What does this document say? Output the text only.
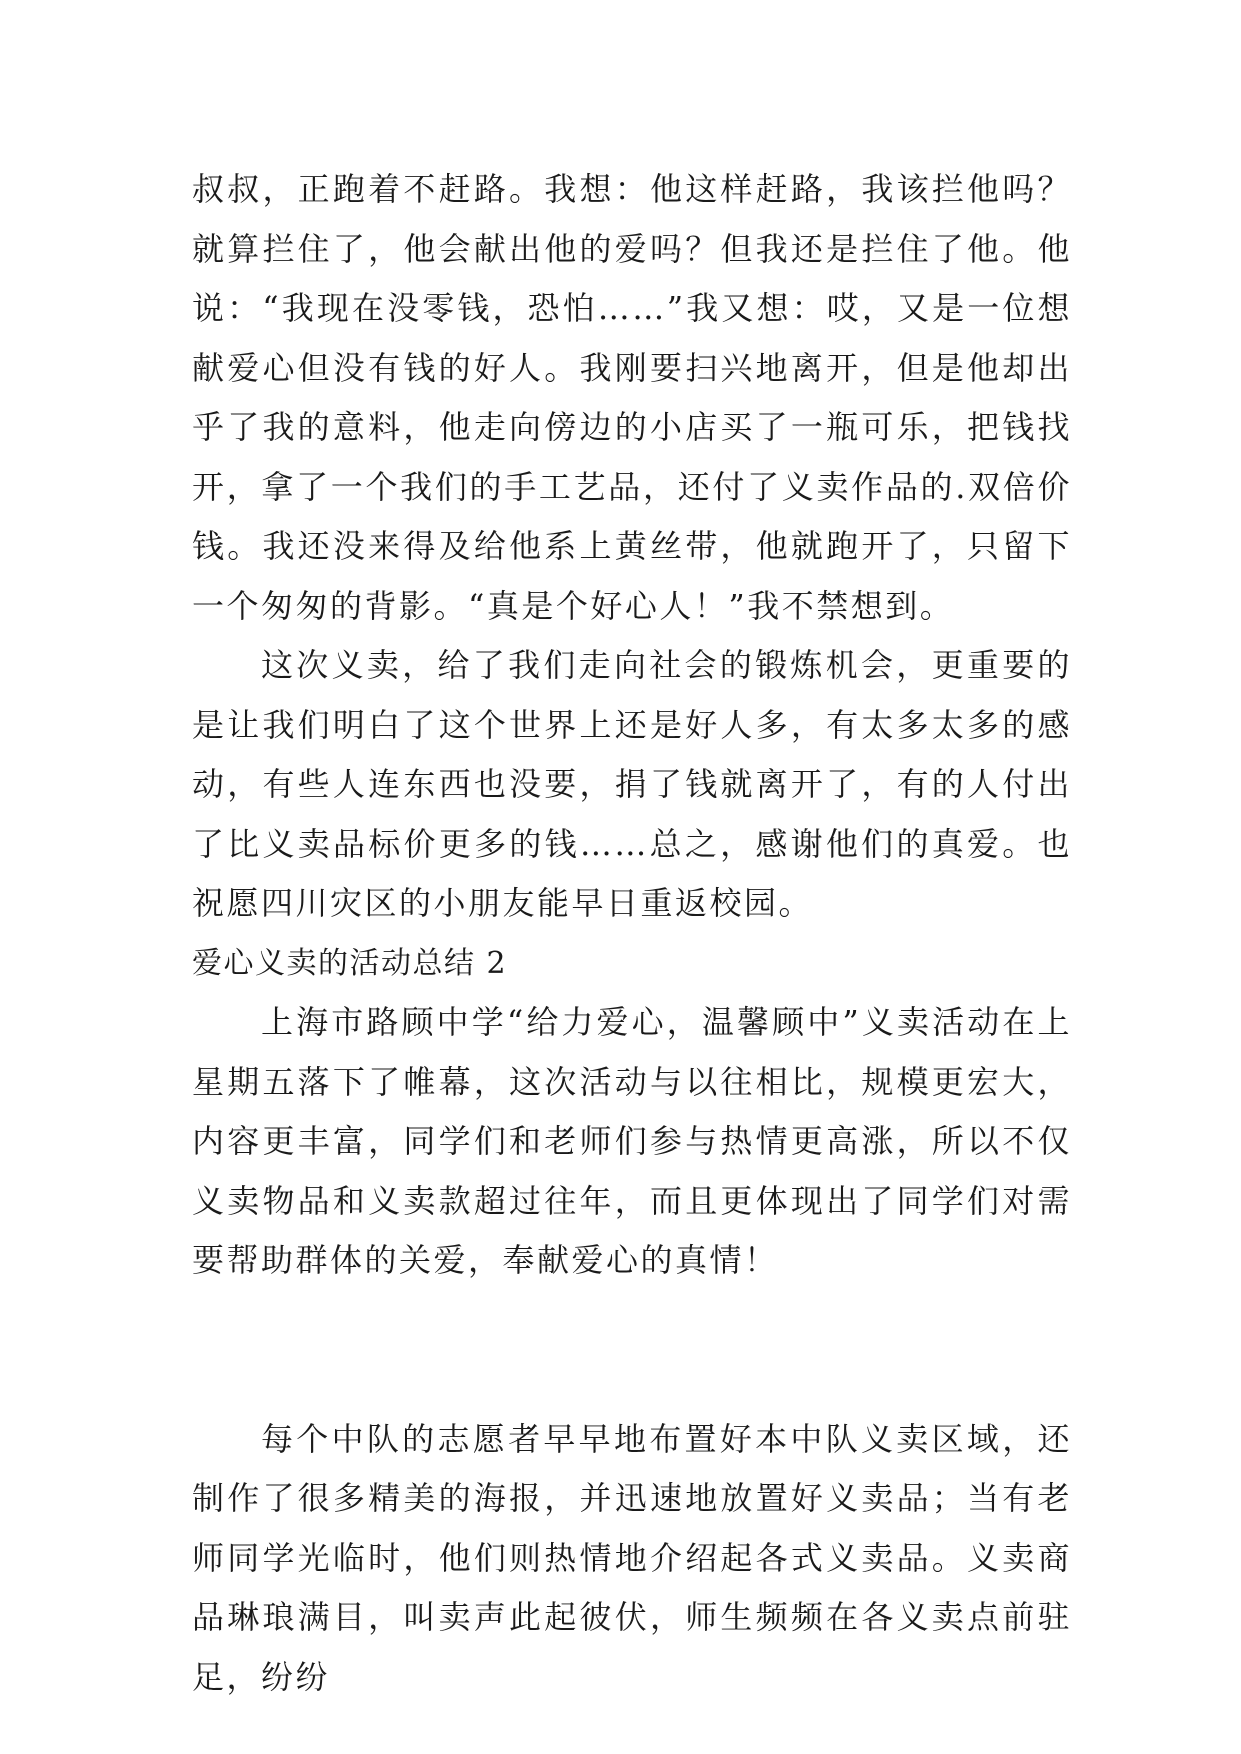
叔叔，正跑着不赶路。我想：他这样赶路，我该拦他吗？就算拦住了，他会献出他的爱吗？但我还是拦住了他。他说：“我现在没零钱，恐怕……”我又想：哎，又是一位想献爱心但没有钱的好人。我刚要扫兴地离开，但是他却出乎了我的意料，他走向傍边的小店买了一瓶可乐，把钱找开，拿了一个我们的手工艺品，还付了义卖作品的.双倍价钱。我还没来得及给他系上黄丝带，他就跑开了，只留下一个匆匆的背影。“真是个好心人！”我不禁想到。

这次义卖，给了我们走向社会的锻炼机会，更重要的是让我们明白了这个世界上还是好人多，有太多太多的感动，有些人连东西也没要，捐了钱就离开了，有的人付出了比义卖品标价更多的钱……总之，感谢他们的真爱。也祝愿四川灾区的小朋友能早日重返校园。

爱心义卖的活动总结 2

上海市路顾中学“给力爱心，温馨顾中”义卖活动在上星期五落下了帷幕，这次活动与以往相比，规模更宏大，内容更丰富，同学们和老师们参与热情更高涨，所以不仅义卖物品和义卖款超过往年，而且更体现出了同学们对需要帮助群体的关爱，奉献爱心的真情！

每个中队的志愿者早早地布置好本中队义卖区域，还制作了很多精美的海报，并迅速地放置好义卖品；当有老师同学光临时，他们则热情地介绍起各式义卖品。义卖商品琳琅满目，叫卖声此起彼伏，师生频频在各义卖点前驻足，纷纷
